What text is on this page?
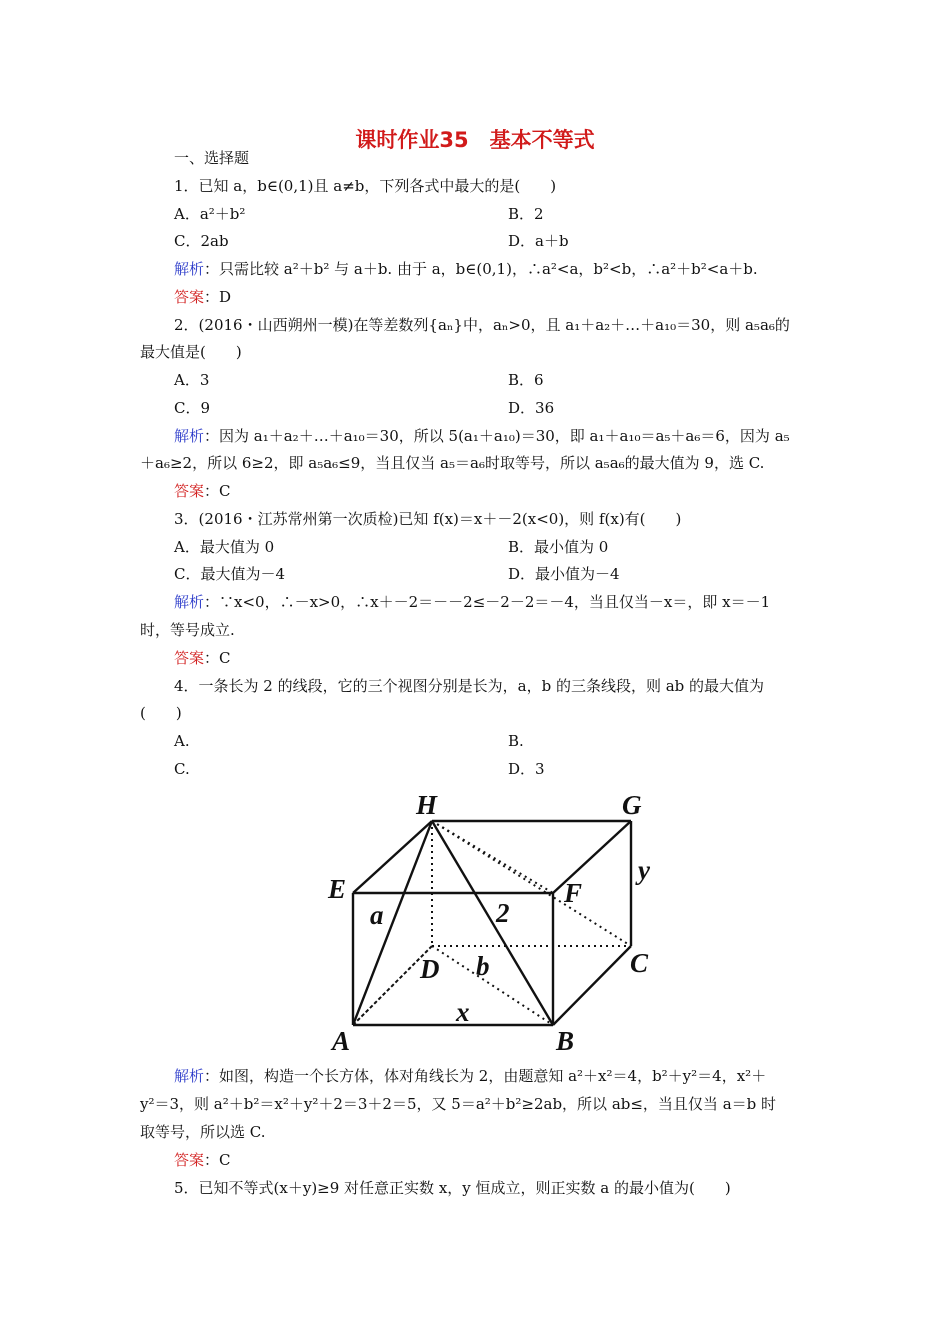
课时作业35　基本不等式
一、选择题
1．已知 a，b∈(0,1)且 a≠b，下列各式中最大的是(　　)
A．a²＋b²	B．2
C．2ab	D．a＋b
解析：只需比较 a²＋b² 与 a＋b. 由于 a，b∈(0,1)，∴a²<a，b²<b，∴a²＋b²<a＋b.
答案：D
2．(2016・山西朔州一模)在等差数列{aₙ}中，aₙ>0，且 a₁＋a₂＋…＋a₁₀＝30，则 a₅a₆的
最大值是(　　)
A．3	B．6
C．9	D．36
解析：因为 a₁＋a₂＋…＋a₁₀＝30，所以 5(a₁＋a₁₀)＝30，即 a₁＋a₁₀＝a₅＋a₆＝6，因为 a₅
＋a₆≥2，所以 6≥2，即 a₅a₆≤9，当且仅当 a₅＝a₆时取等号，所以 a₅a₆的最大值为 9，选 C.
答案：C
3．(2016・江苏常州第一次质检)已知 f(x)＝x＋－2(x<0)，则 f(x)有(　　)
A．最大值为 0	B．最小值为 0
C．最大值为－4	D．最小值为－4
解析：∵x<0，∴－x>0，∴x＋－2＝－－2≤－2－2＝－4，当且仅当－x＝，即 x＝－1
时，等号成立.
答案：C
4．一条长为 2 的线段，它的三个视图分别是长为，a，b 的三条线段，则 ab 的最大值为
(　　)
A.	B.
C.	D．3
H	G
E	F
D	C
A	B
a	2
b
x
y
解析：如图，构造一个长方体，体对角线长为 2，由题意知 a²＋x²＝4，b²＋y²＝4，x²＋
y²＝3，则 a²＋b²＝x²＋y²＋2＝3＋2＝5，又 5＝a²＋b²≥2ab，所以 ab≤，当且仅当 a＝b 时
取等号，所以选 C.
答案：C
5．已知不等式(x＋y)≥9 对任意正实数 x，y 恒成立，则正实数 a 的最小值为(　　)
